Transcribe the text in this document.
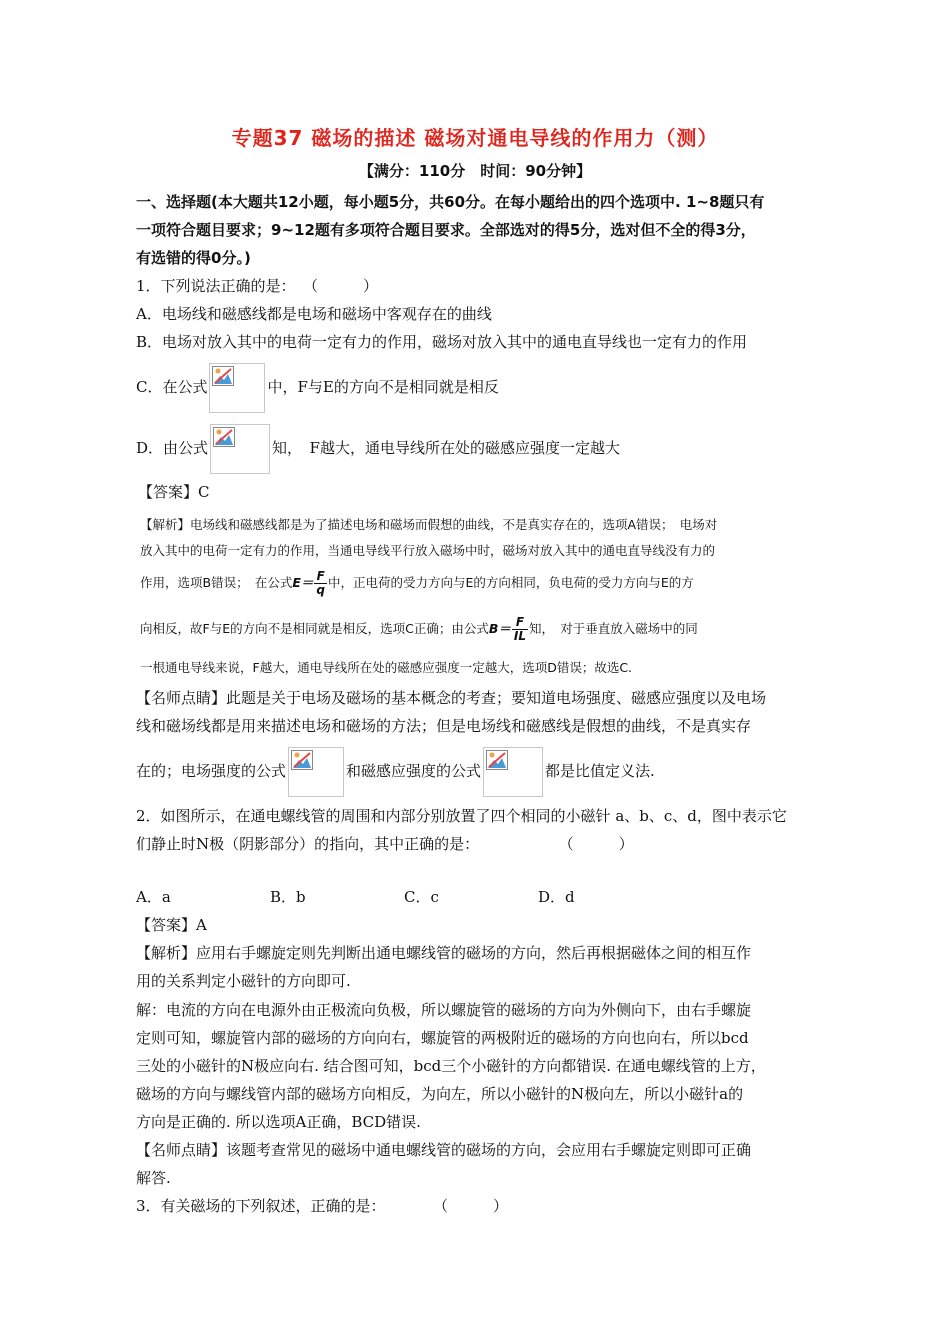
专题37 磁场的描述 磁场对通电导线的作用力（测）
【满分：110分　时间：90分钟】
一、选择题(本大题共12小题，每小题5分，共60分。在每小题给出的四个选项中. 1~8题只有
一项符合题目要求；9~12题有多项符合题目要求。全部选对的得5分，选对但不全的得3分，
有选错的得0分。)
1．下列说法正确的是： （　　　	）
A．电场线和磁感线都是电场和磁场中客观存在的曲线
B．电场对放入其中的电荷一定有力的作用，磁场对放入其中的通电直导线也一定有力的作用
C．在公式	中，F与E的方向不是相同就是相反
D．由公式	知，　F越大，通电导线所在处的磁感应强度一定越大
【答案】C
【解析】电场线和磁感线都是为了描述电场和磁场而假想的曲线，不是真实存在的，选项A错误；　电场对
放入其中的电荷一定有力的作用，当通电导线平行放入磁场中时，磁场对放入其中的通电直导线没有力的
作用，选项B错误；　在公式$E= \frac{F}{q}$ 中，正电荷的受力方向与E的方向相同，负电荷的受力方向与E的方
向相反，故F与E的方向不是相同就是相反，选项C正确；由公式$B= \frac{F}{IL}$ 知，　对于垂直放入磁场中的同
一根通电导线来说，F越大，通电导线所在处的磁感应强度一定越大，选项D错误；故选C.
【名师点睛】此题是关于电场及磁场的基本概念的考查；要知道电场强度、磁感应强度以及电场
线和磁场线都是用来描述电场和磁场的方法；但是电场线和磁感线是假想的曲线，不是真实存
在的；电场强度的公式	和磁感应强度的公式	都是比值定义法.
2．如图所示，在通电螺线管的周围和内部分别放置了四个相同的小磁针 a、b、c、d，图中表示它
们静止时N极（阴影部分）的指向，其中正确的是：	（　　　	）
A．a	B．b	C．c	D．d
【答案】A
【解析】应用右手螺旋定则先判断出通电螺线管的磁场的方向，然后再根据磁体之间的相互作
用的关系判定小磁针的方向即可.
解：电流的方向在电源外由正极流向负极，所以螺旋管的磁场的方向为外侧向下，由右手螺旋
定则可知，螺旋管内部的磁场的方向向右，螺旋管的两极附近的磁场的方向也向右，所以bcd
三处的小磁针的N极应向右. 结合图可知，bcd三个小磁针的方向都错误. 在通电螺线管的上方，
磁场的方向与螺线管内部的磁场方向相反，为向左，所以小磁针的N极向左，所以小磁针a的
方向是正确的. 所以选项A正确，BCD错误.
【名师点睛】该题考查常见的磁场中通电螺线管的磁场的方向，会应用右手螺旋定则即可正确
解答.
3．有关磁场的下列叙述，正确的是：	（　　　	）
